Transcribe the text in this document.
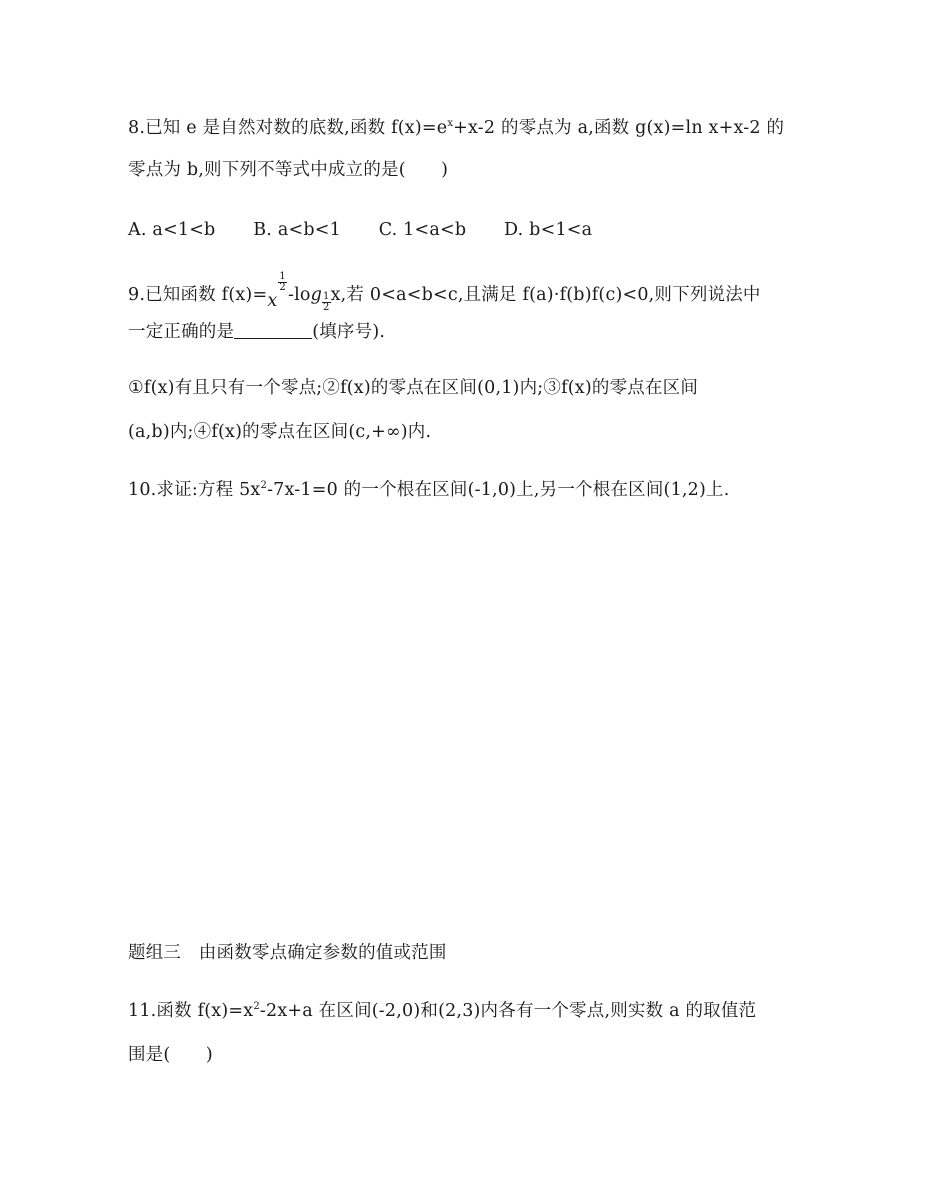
8.已知 e 是自然对数的底数,函数 $f(x)=e^x+x-2$ 的零点为 a,函数 g(x)=ln x+x-2 的
零点为 b,则下列不等式中成立的是(　　)
A. a<1<b B. a<b<1 C. 1<a<b D. b<1<a
9.已知函数 f(x)=x
$\frac{1}{2}$
$-\log \frac{1}{2} x$,若 0<a<b<c,且满足 f(a)·f(b)f(c)<0,则下列说法中
一定正确的是	(填序号).
①f(x)有且只有一个零点;②f(x)的零点在区间(0,1)内;③f(x)的零点在区间
(a,b)内;④f(x)的零点在区间(c,+∞)内.
10.求证:方程 $5x^2-7x-1=0$ 的一个根在区间(-1,0)上,另一个根在区间(1,2)上.
题组三　由函数零点确定参数的值或范围
11.函数 $f(x)=x^2-2x+a$ 在区间(-2,0)和(2,3)内各有一个零点,则实数 a 的取值范
围是(　　)
